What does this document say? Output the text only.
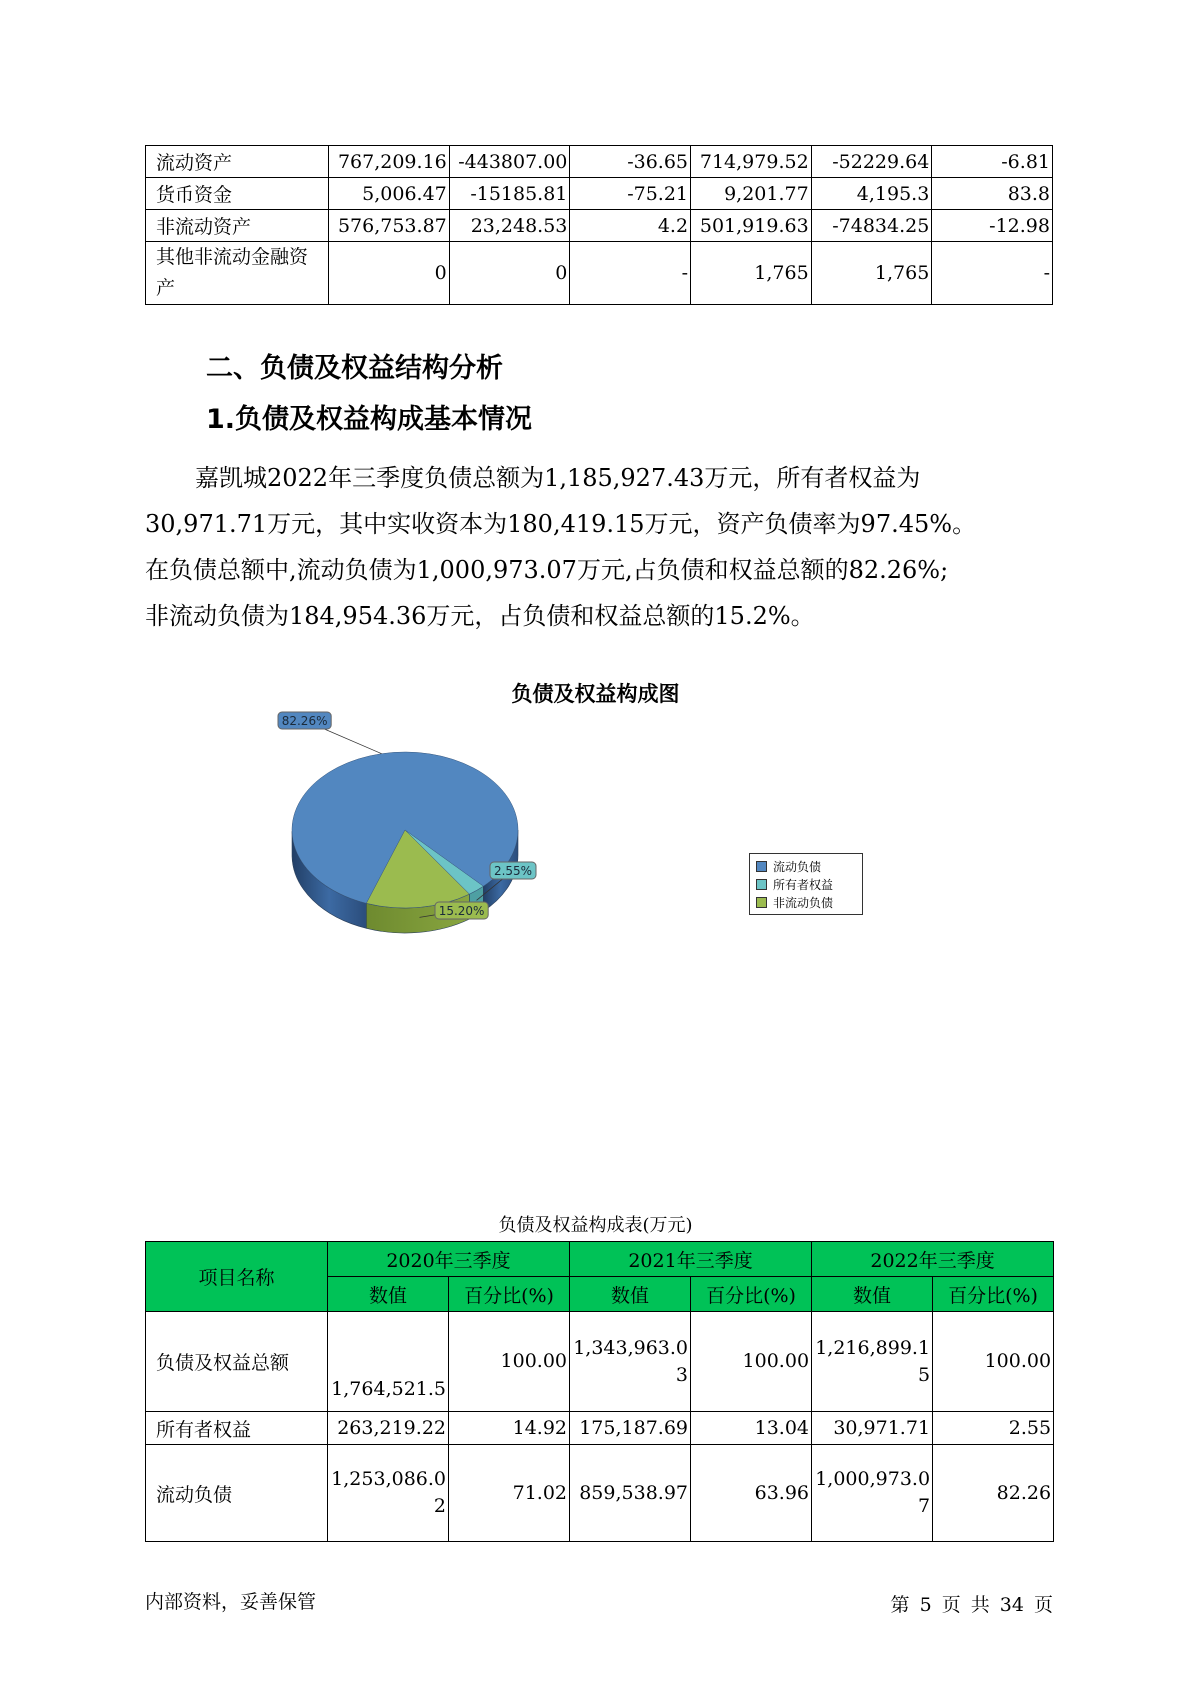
流动资产	767,209.16	-443807.00	-36.65	714,979.52	-52229.64	-6.81
货币资金	5,006.47	-15185.81	-75.21	9,201.77	4,195.3	83.8
非流动资产	576,753.87	23,248.53	4.2	501,919.63	-74834.25	-12.98
其他非流动金融资产	0	0	-	1,765	1,765	-
二、负债及权益结构分析
1.负债及权益构成基本情况

嘉凯城2022年三季度负债总额为1,185,927.43万元，所有者权益为
30,971.71万元，其中实收资本为180,419.15万元，资产负债率为97.45%。
在负债总额中,流动负债为1,000,973.07万元,占负债和权益总额的82.26%;
非流动负债为184,954.36万元，占负债和权益总额的15.2%。

负债及权益构成图
82.26%
2.55%
15.20%
流动负债
所有者权益
非流动负债
负债及权益构成表(万元)
项目名称	2020年三季度		2021年三季度		2022年三季度	
	数值	百分比(%)	数值	百分比(%)	数值	百分比(%)
负债及权益总额	1,764,521.5	100.00	1,343,963.03	100.00	1,216,899.15	100.00
所有者权益	263,219.22	14.92	175,187.69	13.04	30,971.71	2.55
流动负债	1,253,086.02	71.02	859,538.97	63.96	1,000,973.07	82.26
内部资料，妥善保管	第 5 页 共 34 页
